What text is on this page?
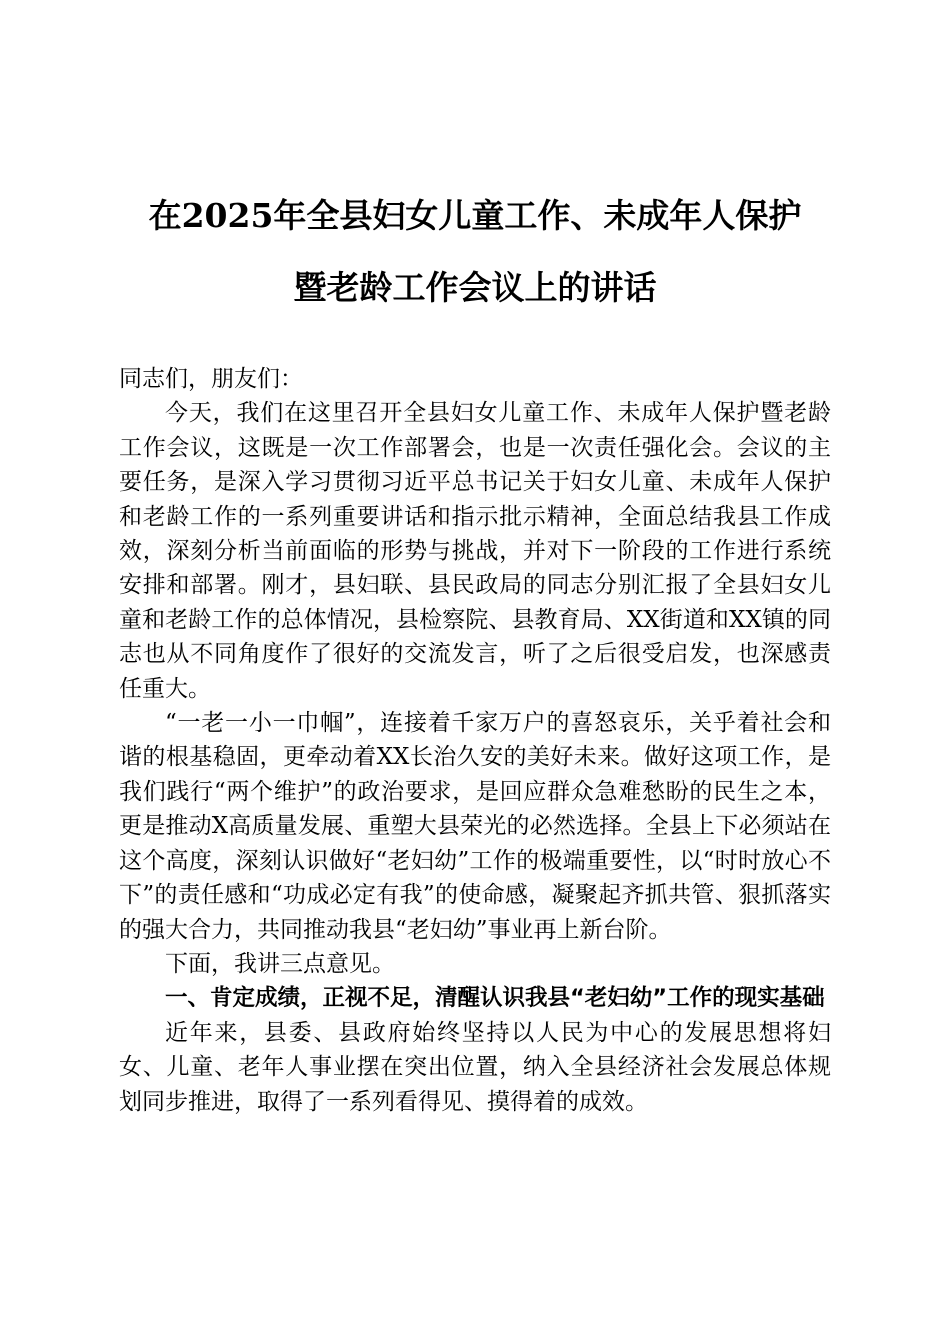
在2025年全县妇女儿童工作、未成年人保护
暨老龄工作会议上的讲话

同志们，朋友们：

今天，我们在这里召开全县妇女儿童工作、未成年人保护暨老龄工作会议，这既是一次工作部署会，也是一次责任强化会。会议的主要任务，是深入学习贯彻习近平总书记关于妇女儿童、未成年人保护和老龄工作的一系列重要讲话和指示批示精神，全面总结我县工作成效，深刻分析当前面临的形势与挑战，并对下一阶段的工作进行系统安排和部署。刚才，县妇联、县民政局的同志分别汇报了全县妇女儿童和老龄工作的总体情况，县检察院、县教育局、XX街道和XX镇的同志也从不同角度作了很好的交流发言，听了之后很受启发，也深感责任重大。

“一老一小一巾帼”，连接着千家万户的喜怒哀乐，关乎着社会和谐的根基稳固，更牵动着XX长治久安的美好未来。做好这项工作，是我们践行“两个维护”的政治要求，是回应群众急难愁盼的民生之本，更是推动X高质量发展、重塑大县荣光的必然选择。全县上下必须站在这个高度，深刻认识做好“老妇幼”工作的极端重要性，以“时时放心不下”的责任感和“功成必定有我”的使命感，凝聚起齐抓共管、狠抓落实的强大合力，共同推动我县“老妇幼”事业再上新台阶。

下面，我讲三点意见。

一、肯定成绩，正视不足，清醒认识我县“老妇幼”工作的现实基础

近年来，县委、县政府始终坚持以人民为中心的发展思想将妇女、儿童、老年人事业摆在突出位置，纳入全县经济社会发展总体规划同步推进，取得了一系列看得见、摸得着的成效。
